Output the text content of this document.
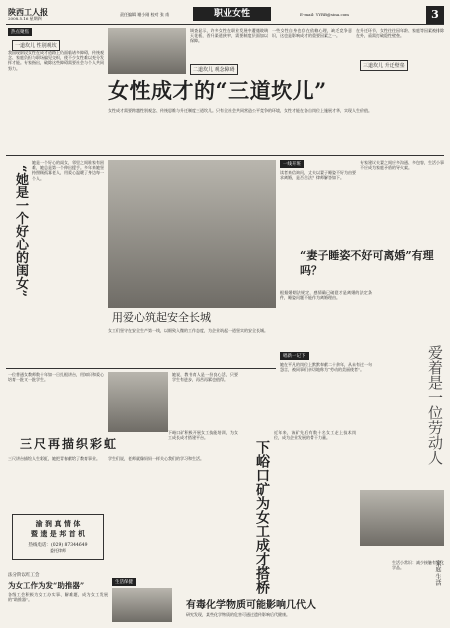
陕西工人报
2008.5.16 星期四
责任编辑 谢小刚 校对 张 甫	职业女性	E-mail: YYRB@sina.com	3
热点聚焦
一道坎儿 性别观坎
我国现阶段女性在成才道路上仍面临诸多障碍，传统观念、家庭负担与职场偏见交织，使不少女性难以充分发挥才能。专家指出，破除这些障碍需要社会与个人共同努力。
调查显示，许多女性在职业发展中遭遇玻璃天花板，晋升渠道狭窄，需要制度层面加以保障。
二道坎儿 观念障碍
一些女性自身也存在依赖心理，缺乏竞争意识，这也是影响成才的重要因素之一。
三道坎儿 升迁壁垒
在升迁环节，女性往往因年龄、家庭等因素被排除在外，亟需打破隐性壁垒。
女性成才的“三道坎儿”
女性成才需要跨越性别观念、传统思维与升迁制度三道坎儿。只有全社会共同营造公平竞争的环境，女性才能在各自岗位上施展才华，实现人生价值。
“她是一个好心的闺女”
她是一个好心的闺女，邻里之间谁家有困难，她总是第一个伸出援手。多年来她坚持照顾孤寡老人，用爱心温暖了身边每一个人。
用爱心筑起安全长城
女工们坚守在安全生产第一线，以细致入微的工作态度，为企业筑起一道坚实的安全长城。
一线开班
读者来信询问，丈夫以妻子睡姿不好为由要求离婚，是否合法？律师解答如下。
“妻子睡姿不好可离婚”有理吗？
根据婚姻法规定，感情确已破裂才是离婚的法定条件，睡姿问题不能作为离婚理由。
专家建议夫妻之间应多沟通、多包容，生活小事不应成为家庭矛盾的导火索。
唱新一记下
她在平凡的岗位上默默奉献二十余年，从未有过一句怨言，被同事们亲切地称为“劳动的美丽使者”。	爱着是一位劳动人
一位普通女教师数十年如一日扎根讲台，用知识和爱心培育一批又一批学生。
她说，教书育人是一份良心活，只要学生有进步，再苦再累也值得。
三尺再描织彩虹
三尺讲台描绘人生彩虹，她把青春献给了教育事业。	学生们说，老师就像妈妈一样关心我们的学习和生活。
下峪口矿积极开展女工技能培训，为女工成长成才搭建平台。
下峪口矿为女工成才搭桥
近年来，该矿先后有数十名女工走上技术岗位，成为企业发展的骨干力量。
渝 润 真 情 体
暨 遗 是 邦 首 机
热线电话：(029) 87344649
委托律师
法分阶以红工会
为女工作为发“助推器”
各级工会积极为女工办实事、解难题，成为女工发展的“助推器”。
生活保健
有毒化学物质可能影响几代人
研究发现，某些化学物质的危害可通过遗传影响后代健康。
生活小常识：减少接触有害化学品。	家庭 生活
